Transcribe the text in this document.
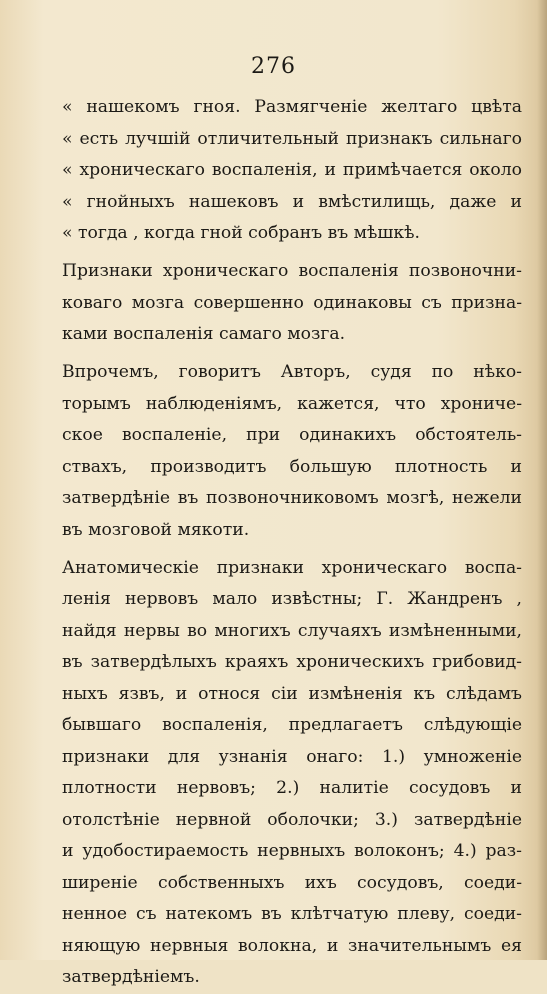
276
« нашекомъ гноя. Размягченіе желтаго цвѣта
« есть лучшій отличительный признакъ сильнаго
« хроническаго воспаленія, и примѣчается около
« гнойныхъ нашековъ и вмѣстилищь, даже и
« тогда , когда гной собранъ въ мѣшкѣ.
Признаки хроническаго воспаленія позвоночни-
коваго мозга совершенно одинаковы съ призна-
ками воспаленія самаго мозга.
Впрочемъ, говоритъ Авторъ, судя по нѣко-
торымъ наблюденіямъ, кажется, что хрониче-
ское воспаленіе, при одинакихъ обстоятель-
ствахъ, производитъ большую плотность и
затвердѣніе въ позвоночниковомъ мозгѣ, нежели
въ мозговой мякоти.
Анатомическіе признаки хроническаго воспа-
ленія нервовъ мало извѣстны; Г. Жандренъ ,
найдя нервы во многихъ случаяхъ измѣненными,
въ затвердѣлыхъ краяхъ хроническихъ грибовид-
ныхъ язвъ, и относя сіи измѣненія къ слѣдамъ
бывшаго воспаленія, предлагаетъ слѣдующіе
признаки для узнанія онаго: 1.) умноженіе
плотности нервовъ; 2.) налитіе сосудовъ и
отолстѣніе нервной оболочки; 3.) затвердѣніе
и удобостираемость нервныхъ волоконъ; 4.) раз-
ширеніе собственныхъ ихъ сосудовъ, соеди-
ненное съ натекомъ въ клѣтчатую плеву, соеди-
няющую нервныя волокна, и значительнымъ ея
затвердѣніемъ.
